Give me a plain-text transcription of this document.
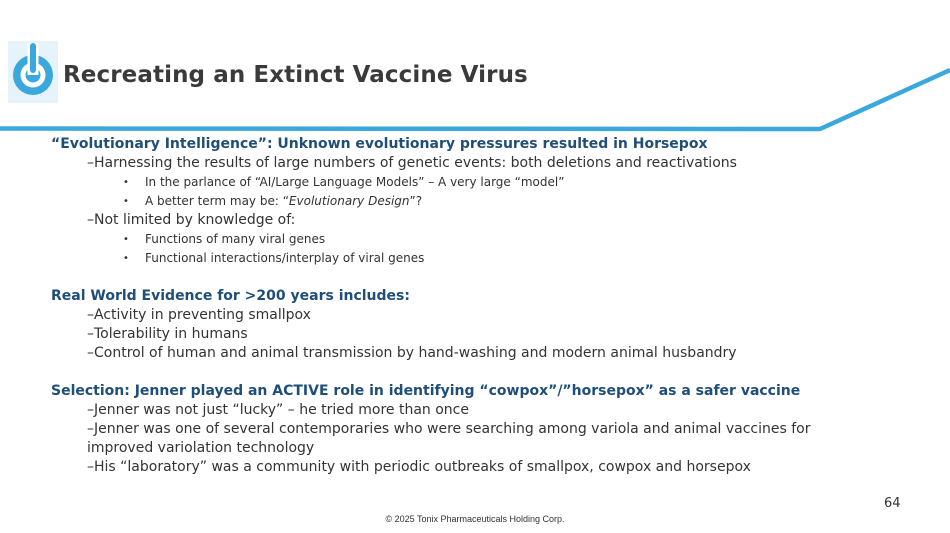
Recreating an Extinct Vaccine Virus
“Evolutionary Intelligence”: Unknown evolutionary pressures resulted in Horsepox
–Harnessing the results of large numbers of genetic events: both deletions and reactivations
• In the parlance of “AI/Large Language Models” – A very large “model”
• A better term may be: “Evolutionary Design”?
–Not limited by knowledge of:
• Functions of many viral genes
• Functional interactions/interplay of viral genes
Real World Evidence for >200 years includes:
–Activity in preventing smallpox
–Tolerability in humans
–Control of human and animal transmission by hand-washing and modern animal husbandry
Selection: Jenner played an ACTIVE role in identifying “cowpox”/”horsepox” as a safer vaccine
–Jenner was not just “lucky” – he tried more than once
–Jenner was one of several contemporaries who were searching among variola and animal vaccines for
improved variolation technology
–His “laboratory” was a community with periodic outbreaks of smallpox, cowpox and horsepox
64
© 2025 Tonix Pharmaceuticals Holding Corp.
